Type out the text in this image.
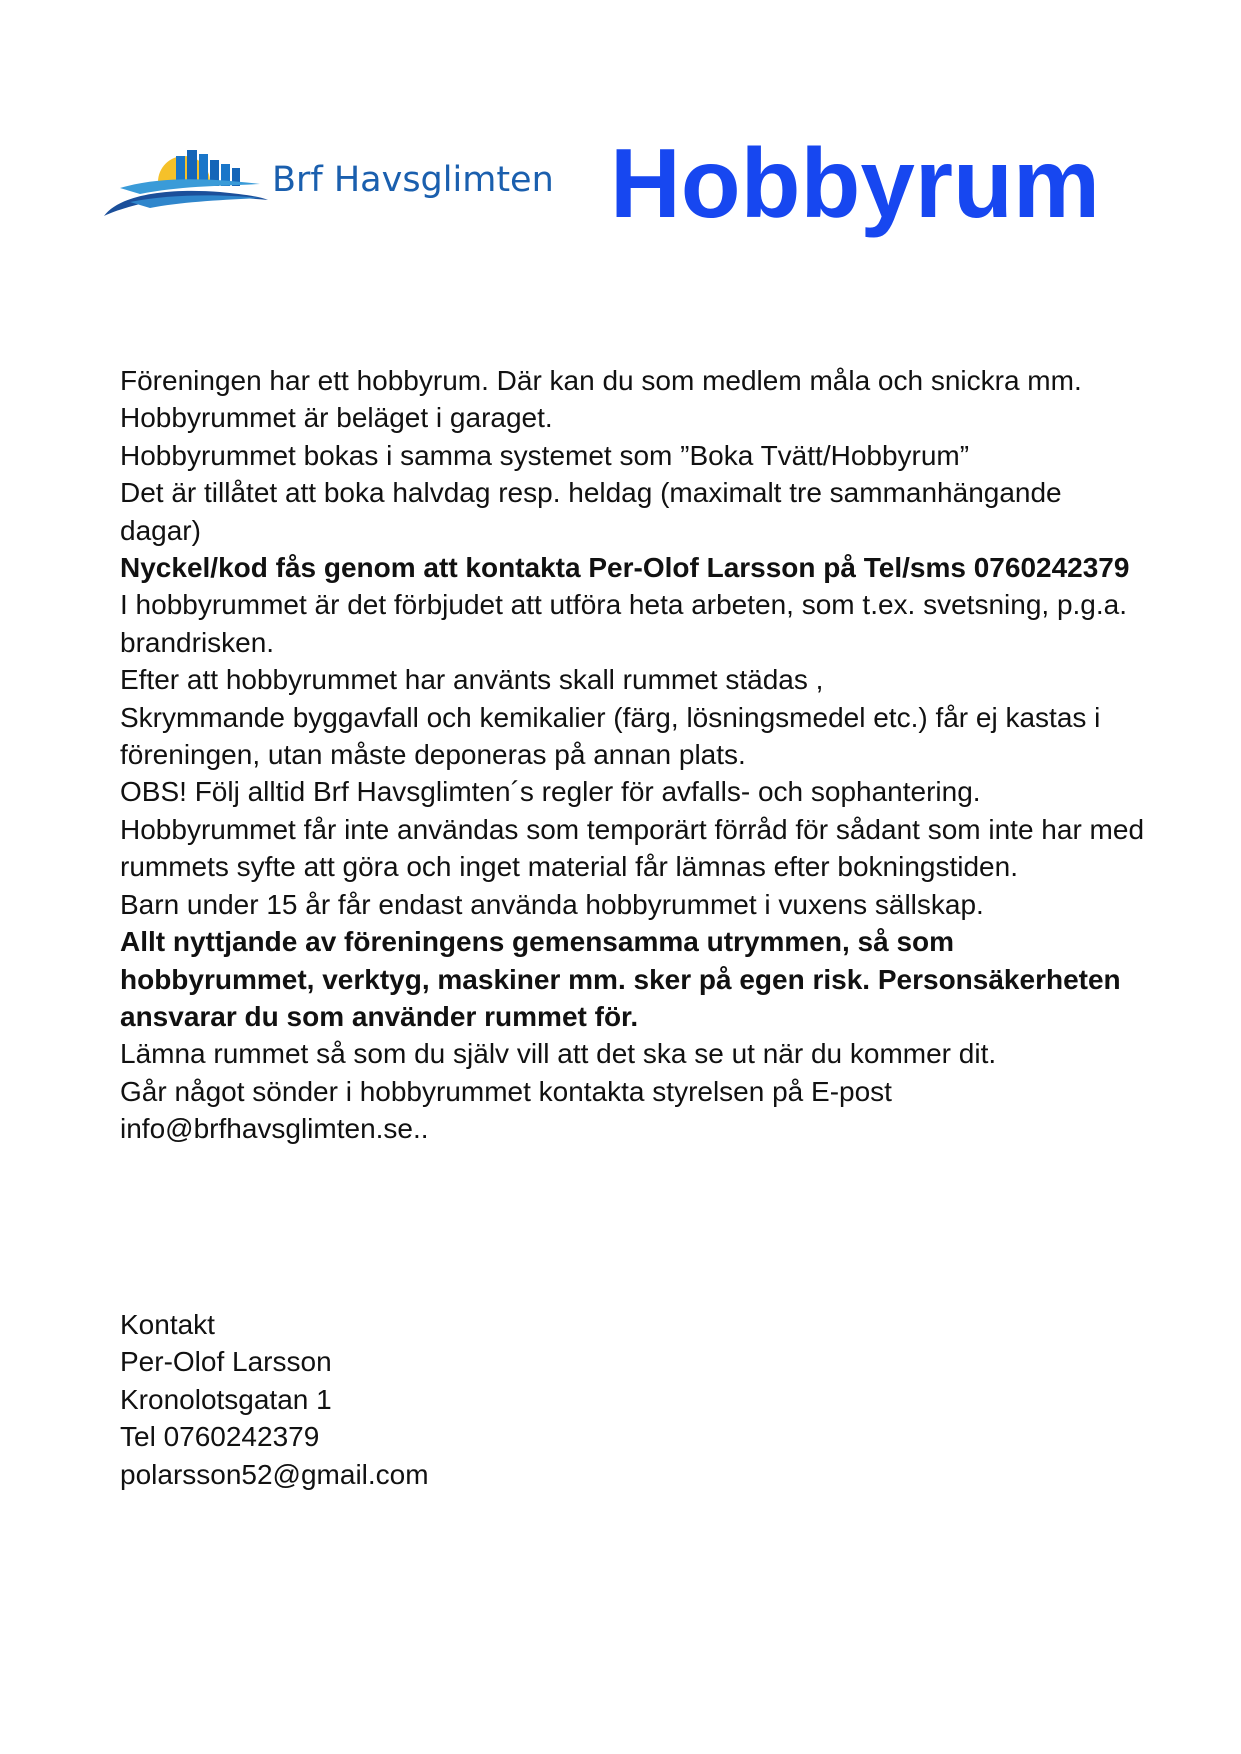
Brf Havsglimten Hobbyrum

Föreningen har ett hobbyrum. Där kan du som medlem måla och snickra mm.

Hobbyrummet är beläget i garaget.

Hobbyrummet bokas i samma systemet som ”Boka Tvätt/Hobbyrum”

Det är tillåtet att boka halvdag resp. heldag (maximalt tre sammanhängande dagar)

Nyckel/kod fås genom att kontakta Per-Olof Larsson på Tel/sms 0760242379

I hobbyrummet är det förbjudet att utföra heta arbeten, som t.ex. svetsning, p.g.a. brandrisken.

Efter att hobbyrummet har använts skall rummet städas ,

Skrymmande byggavfall och kemikalier (färg, lösningsmedel etc.) får ej kastas i föreningen, utan måste deponeras på annan plats.

OBS! Följ alltid Brf Havsglimten´s regler för avfalls- och sophantering.

Hobbyrummet får inte användas som temporärt förråd för sådant som inte har med rummets syfte att göra och inget material får lämnas efter bokningstiden.

Barn under 15 år får endast använda hobbyrummet i vuxens sällskap.

Allt nyttjande av föreningens gemensamma utrymmen, så som hobbyrummet, verktyg, maskiner mm. sker på egen risk. Personsäkerheten ansvarar du som använder rummet för.

Lämna rummet så som du själv vill att det ska se ut när du kommer dit.

Går något sönder i hobbyrummet kontakta styrelsen på E-post info@brfhavsglimten.se..

Kontakt

Per-Olof Larsson

Kronolotsgatan 1

Tel 0760242379

polarsson52@gmail.com
